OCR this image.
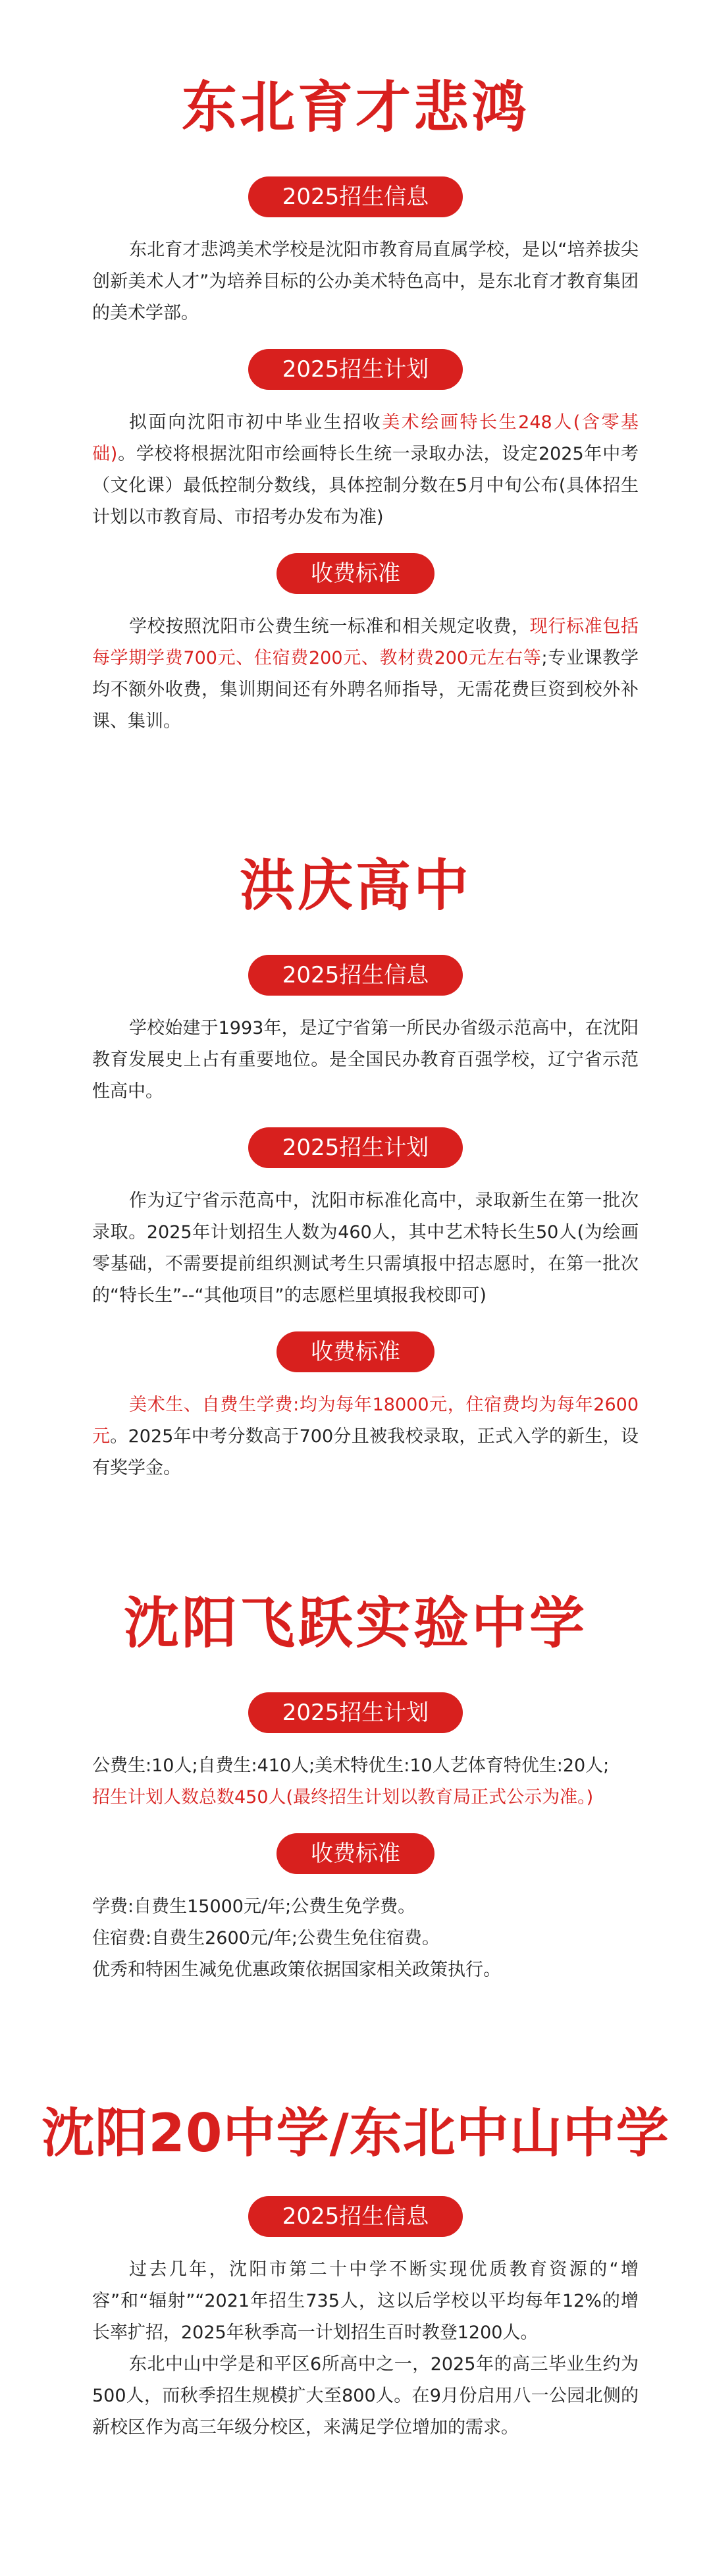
东北育才悲鸿
2025招生信息

东北育才悲鸿美术学校是沈阳市教育局直属学校，是以“培养拔尖创新美术人才”为培养目标的公办美术特色高中，是东北育才教育集团的美术学部。

2025招生计划

拟面向沈阳市初中毕业生招收美术绘画特长生248人(含零基础)。学校将根据沈阳市绘画特长生统一录取办法，设定2025年中考（文化课）最低控制分数线，具体控制分数在5月中旬公布(具体招生计划以市教育局、市招考办发布为准)

收费标准

学校按照沈阳市公费生统一标准和相关规定收费，现行标准包括每学期学费700元、住宿费200元、教材费200元左右等;专业课教学均不额外收费，集训期间还有外聘名师指导，无需花费巨资到校外补课、集训。

洪庆高中
2025招生信息

学校始建于1993年，是辽宁省第一所民办省级示范高中，在沈阳教育发展史上占有重要地位。是全国民办教育百强学校，辽宁省示范性高中。

2025招生计划

作为辽宁省示范高中，沈阳市标准化高中，录取新生在第一批次录取。2025年计划招生人数为460人，其中艺术特长生50人(为绘画零基础，不需要提前组织测试考生只需填报中招志愿时，在第一批次的“特长生”--“其他项目”的志愿栏里填报我校即可)

收费标准

美术生、自费生学费:均为每年18000元，住宿费均为每年2600元。2025年中考分数高于700分且被我校录取，正式入学的新生，设有奖学金。

沈阳飞跃实验中学
2025招生计划

公费生:10人;自费生:410人;美术特优生:10人艺体育特优生:20人;

招生计划人数总数450人(最终招生计划以教育局正式公示为准。)

收费标准

学费:自费生15000元/年;公费生免学费。

住宿费:自费生2600元/年;公费生免住宿费。

优秀和特困生减免优惠政策依据国家相关政策执行。

沈阳20中学/东北中山中学
2025招生信息

过去几年，沈阳市第二十中学不断实现优质教育资源的“增容”和“辐射”“2021年招生735人，这以后学校以平均每年12%的增长率扩招，2025年秋季高一计划招生百时教登1200人。

东北中山中学是和平区6所高中之一，2025年的高三毕业生约为500人，而秋季招生规模扩大至800人。在9月份启用八一公园北侧的新校区作为高三年级分校区，来满足学位增加的需求。
